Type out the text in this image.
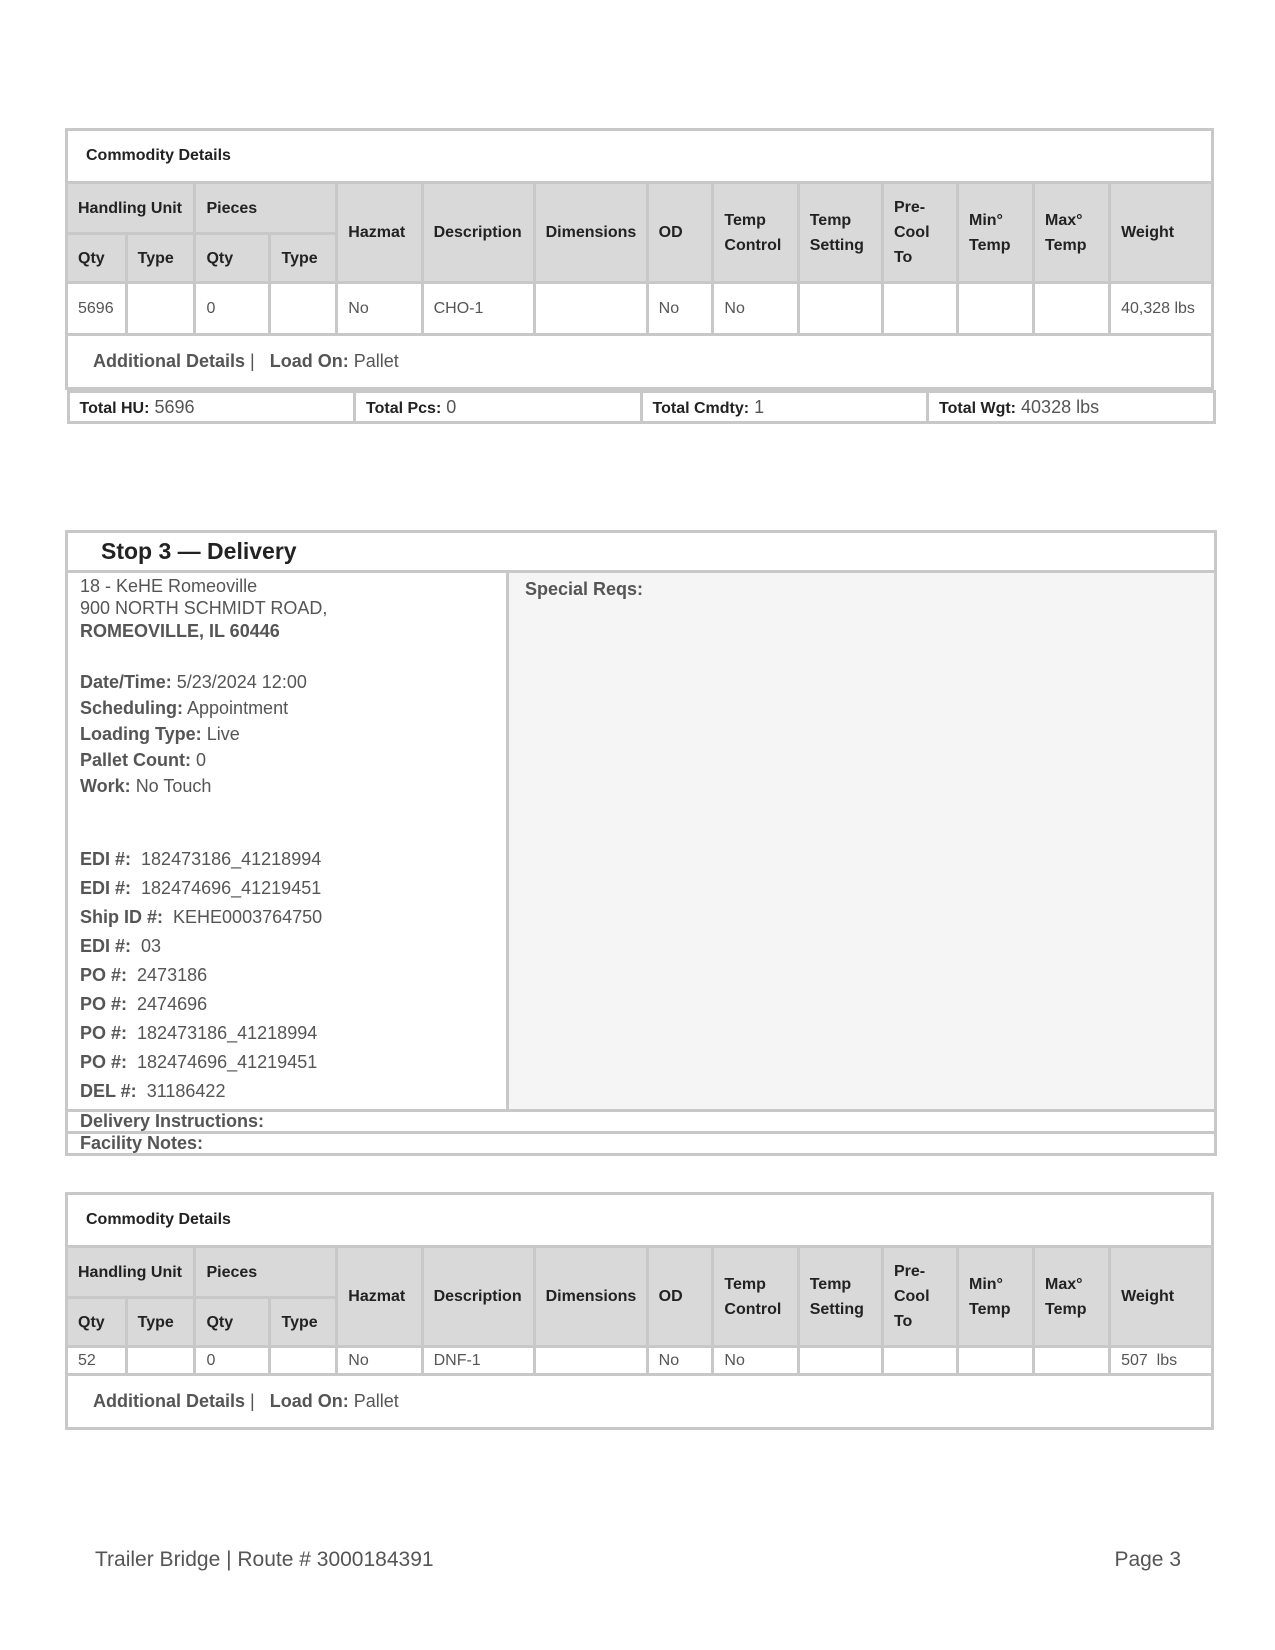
Commodity Details
Handling Unit	Pieces	Hazmat	Description	Dimensions	OD	Temp Control	Temp Setting	Pre-Cool To	Min° Temp	Max° Temp	Weight
Qty	Type	Qty	Type
5696		0		No	CHO-1		No	No					40,328 lbs
Additional Details |   Load On: Pallet

Total HU: 5696	Total Pcs: 0	Total Cmdty: 1	Total Wgt: 40328 lbs
Stop 3 — Delivery

18 - KeHE Romeoville
900 NORTH SCHMIDT ROAD,
ROMEOVILLE, IL 60446
Date/Time: 5/23/2024 12:00
Scheduling: Appointment
Loading Type: Live
Pallet Count: 0
Work: No Touch
EDI #: 182473186_41218994
EDI #: 182474696_41219451
Ship ID #: KEHE0003764750
EDI #: 03
PO #: 2473186
PO #: 2474696
PO #: 182473186_41218994
PO #: 182474696_41219451
DEL #: 31186422
	Special Reqs:
Delivery Instructions:
Facility Notes:
Commodity Details													
Handling Unit		Pieces		Hazmat	Description	Dimensions	OD	Temp Control	Temp Setting	Pre-Cool To	Min° Temp	Max° Temp	Weight
Qty	Type	Qty	Type										
52		0		No	DNF-1		No	No					507  lbs
Additional Details |   Load On: Pallet													
Trailer Bridge | Route # 3000184391	Page 3
